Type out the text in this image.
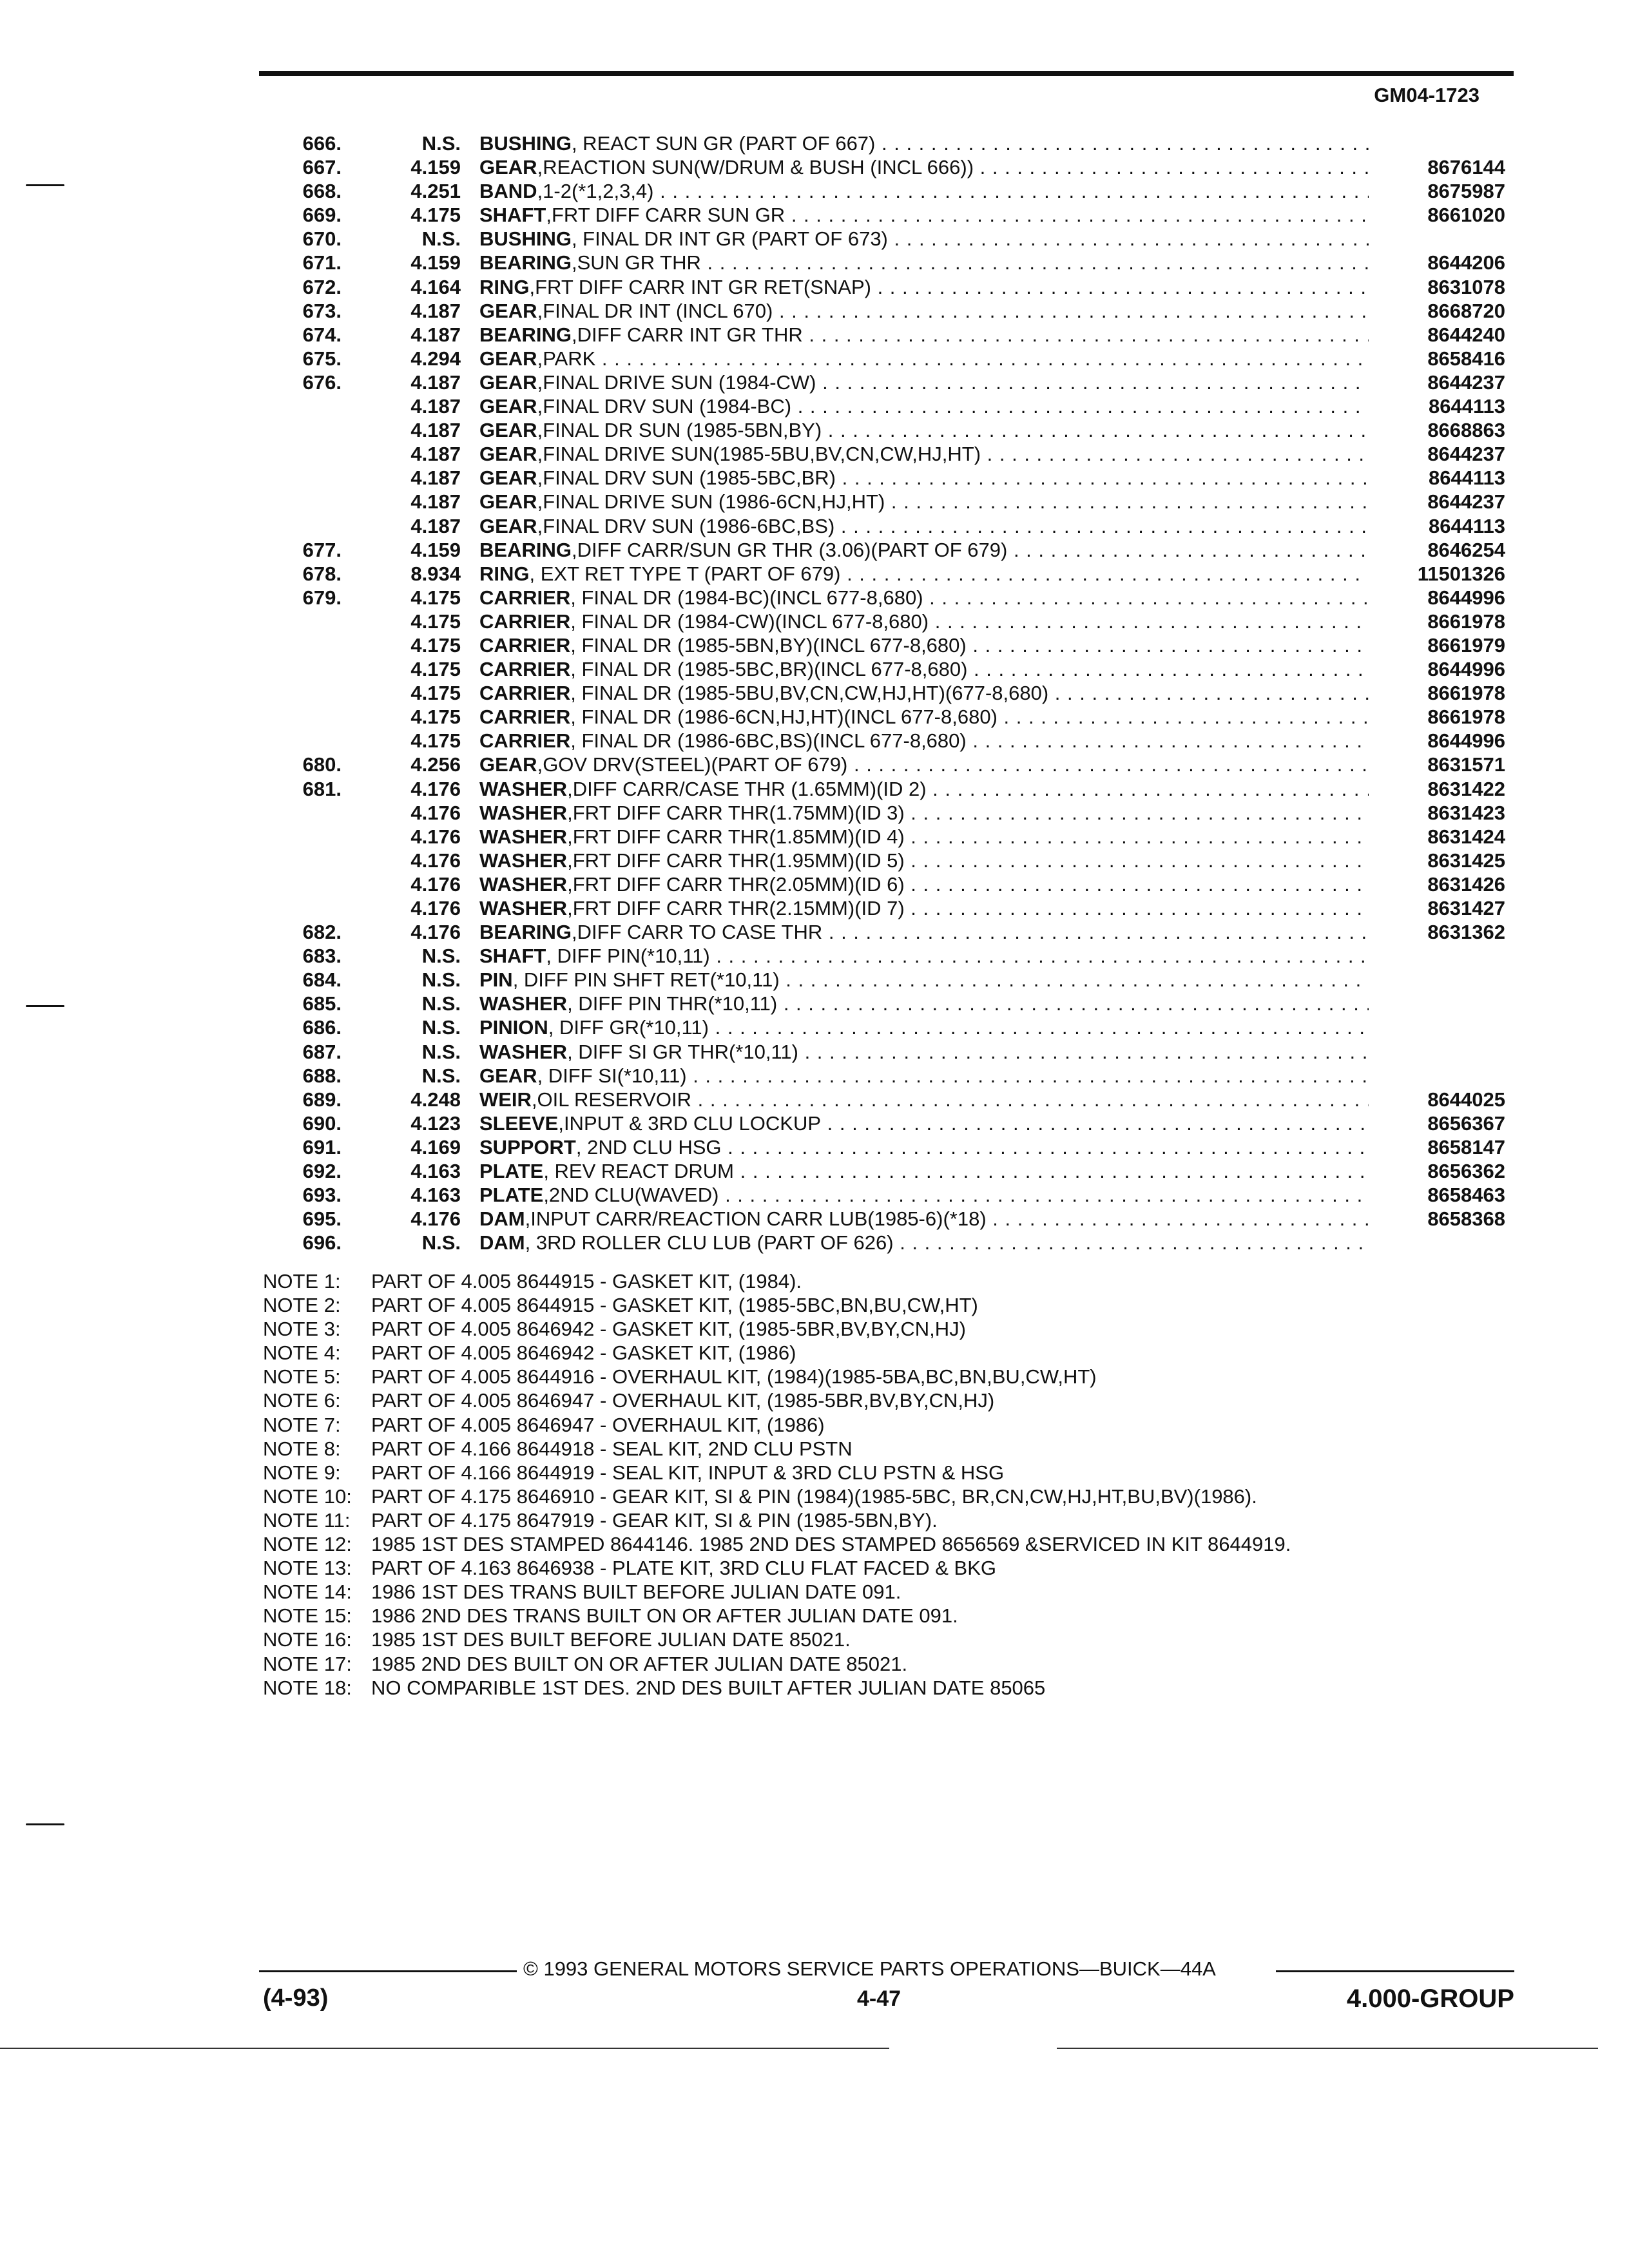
GM04-1723
666.	N.S. BUSHING, REACT SUN GR (PART OF 667) . . .
667.	4.159 GEAR,REACTION SUN(W/DRUM & BUSH (INCL 666)) . . .	8676144
668.	4.251 BAND,1-2(*1,2,3,4) . . .	8675987
669.	4.175 SHAFT,FRT DIFF CARR SUN GR . . .	8661020
670.	N.S. BUSHING, FINAL DR INT GR (PART OF 673) . . .
671.	4.159 BEARING,SUN GR THR . . .	8644206
672.	4.164 RING,FRT DIFF CARR INT GR RET(SNAP) . . .	8631078
673.	4.187 GEAR,FINAL DR INT (INCL 670) . . .	8668720
674.	4.187 BEARING,DIFF CARR INT GR THR . . .	8644240
675.	4.294 GEAR,PARK . . .	8658416
676.	4.187 GEAR,FINAL DRIVE SUN (1984-CW) . . .	8644237
4.187 GEAR,FINAL DRV SUN (1984-BC) . . .	8644113
4.187 GEAR,FINAL DR SUN (1985-5BN,BY) . . .	8668863
4.187 GEAR,FINAL DRIVE SUN(1985-5BU,BV,CN,CW,HJ,HT) . . .	8644237
4.187 GEAR,FINAL DRV SUN (1985-5BC,BR) . . .	8644113
4.187 GEAR,FINAL DRIVE SUN (1986-6CN,HJ,HT) . . .	8644237
4.187 GEAR,FINAL DRV SUN (1986-6BC,BS) . . .	8644113
677.	4.159 BEARING,DIFF CARR/SUN GR THR (3.06)(PART OF 679) . . .	8646254
678.	8.934 RING, EXT RET TYPE T (PART OF 679) . . .	11501326
679.	4.175 CARRIER, FINAL DR (1984-BC)(INCL 677-8,680) . . .	8644996
4.175 CARRIER, FINAL DR (1984-CW)(INCL 677-8,680) . . .	8661978
4.175 CARRIER, FINAL DR (1985-5BN,BY)(INCL 677-8,680) . . .	8661979
4.175 CARRIER, FINAL DR (1985-5BC,BR)(INCL 677-8,680) . . .	8644996
4.175 CARRIER, FINAL DR (1985-5BU,BV,CN,CW,HJ,HT)(677-8,680) . . .	8661978
4.175 CARRIER, FINAL DR (1986-6CN,HJ,HT)(INCL 677-8,680) . . .	8661978
4.175 CARRIER, FINAL DR (1986-6BC,BS)(INCL 677-8,680) . . .	8644996
680.	4.256 GEAR,GOV DRV(STEEL)(PART OF 679) . . .	8631571
681.	4.176 WASHER,DIFF CARR/CASE THR (1.65MM)(ID 2) . . .	8631422
4.176 WASHER,FRT DIFF CARR THR(1.75MM)(ID 3) . . .	8631423
4.176 WASHER,FRT DIFF CARR THR(1.85MM)(ID 4) . . .	8631424
4.176 WASHER,FRT DIFF CARR THR(1.95MM)(ID 5) . . .	8631425
4.176 WASHER,FRT DIFF CARR THR(2.05MM)(ID 6) . . .	8631426
4.176 WASHER,FRT DIFF CARR THR(2.15MM)(ID 7) . . .	8631427
682.	4.176 BEARING,DIFF CARR TO CASE THR . . .	8631362
683.	N.S. SHAFT, DIFF PIN(*10,11) . . .
684.	N.S. PIN, DIFF PIN SHFT RET(*10,11) . . .
685.	N.S. WASHER, DIFF PIN THR(*10,11) . . .
686.	N.S. PINION, DIFF GR(*10,11) . . .
687.	N.S. WASHER, DIFF SI GR THR(*10,11) . . .
688.	N.S. GEAR, DIFF SI(*10,11) . . .
689.	4.248 WEIR,OIL RESERVOIR . . .	8644025
690.	4.123 SLEEVE,INPUT & 3RD CLU LOCKUP . . .	8656367
691.	4.169 SUPPORT, 2ND CLU HSG . . .	8658147
692.	4.163 PLATE, REV REACT DRUM . . .	8656362
693.	4.163 PLATE,2ND CLU(WAVED) . . .	8658463
695.	4.176 DAM,INPUT CARR/REACTION CARR LUB(1985-6)(*18) . . .	8658368
696.	N.S. DAM, 3RD ROLLER CLU LUB (PART OF 626) . . .
NOTE 1: PART OF 4.005 8644915 - GASKET KIT, (1984).
NOTE 2: PART OF 4.005 8644915 - GASKET KIT, (1985-5BC,BN,BU,CW,HT)
NOTE 3: PART OF 4.005 8646942 - GASKET KIT, (1985-5BR,BV,BY,CN,HJ)
NOTE 4: PART OF 4.005 8646942 - GASKET KIT, (1986)
NOTE 5: PART OF 4.005 8644916 - OVERHAUL KIT, (1984)(1985-5BA,BC,BN,BU,CW,HT)
NOTE 6: PART OF 4.005 8646947 - OVERHAUL KIT, (1985-5BR,BV,BY,CN,HJ)
NOTE 7: PART OF 4.005 8646947 - OVERHAUL KIT, (1986)
NOTE 8: PART OF 4.166 8644918 - SEAL KIT, 2ND CLU PSTN
NOTE 9: PART OF 4.166 8644919 - SEAL KIT, INPUT & 3RD CLU PSTN & HSG
NOTE 10: PART OF 4.175 8646910 - GEAR KIT, SI & PIN (1984)(1985-5BC, BR,CN,CW,HJ,HT,BU,BV)(1986).
NOTE 11: PART OF 4.175 8647919 - GEAR KIT, SI & PIN (1985-5BN,BY).
NOTE 12: 1985 1ST DES STAMPED 8644146. 1985 2ND DES STAMPED 8656569 &SERVICED IN KIT 8644919.
NOTE 13: PART OF 4.163 8646938 - PLATE KIT, 3RD CLU FLAT FACED & BKG
NOTE 14: 1986 1ST DES TRANS BUILT BEFORE JULIAN DATE 091.
NOTE 15: 1986 2ND DES TRANS BUILT ON OR AFTER JULIAN DATE 091.
NOTE 16: 1985 1ST DES BUILT BEFORE JULIAN DATE 85021.
NOTE 17: 1985 2ND DES BUILT ON OR AFTER JULIAN DATE 85021.
NOTE 18: NO COMPARIBLE 1ST DES. 2ND DES BUILT AFTER JULIAN DATE 85065
© 1993 GENERAL MOTORS SERVICE PARTS OPERATIONS—BUICK—44A
(4-93)	4-47	4.000-GROUP
